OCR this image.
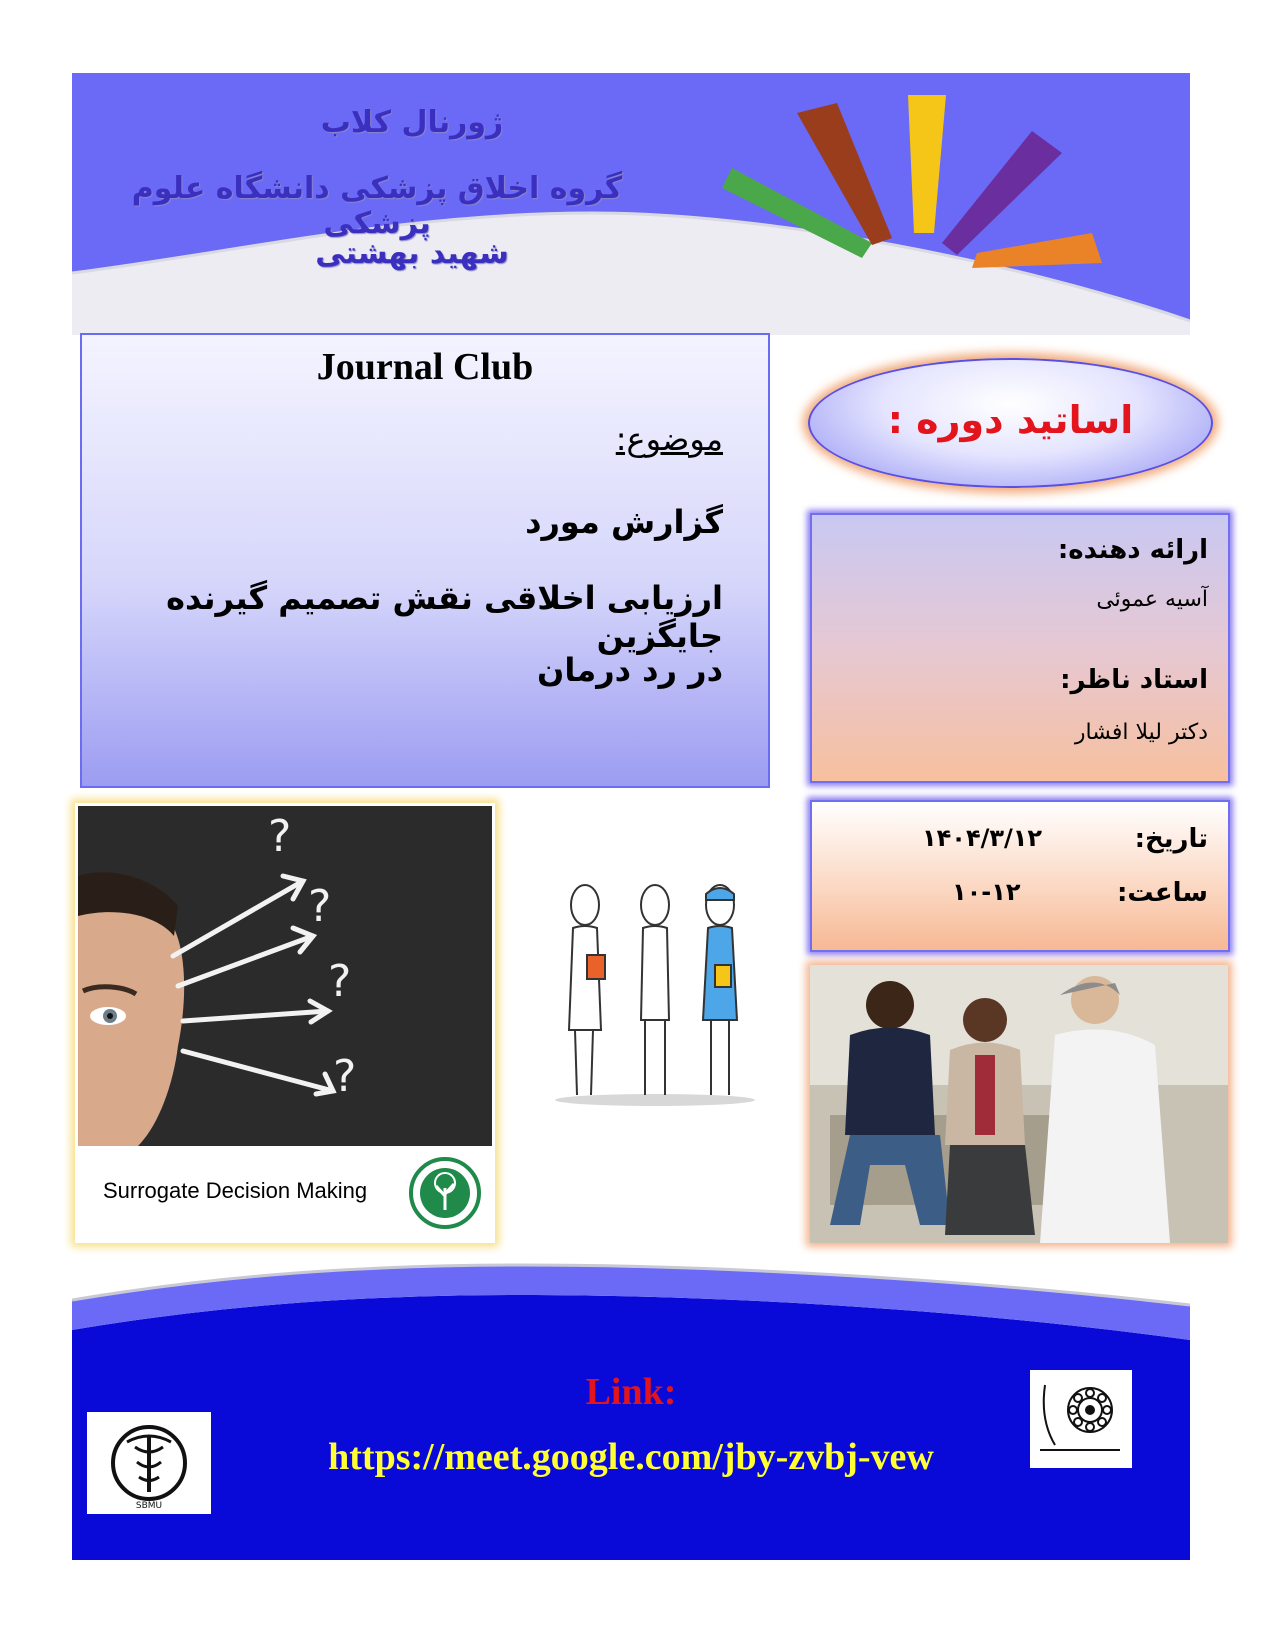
ژورنال کلاب
گروه اخلاق پزشکی دانشگاه علوم پزشکی
شهید بهشتی
Journal Club
موضوع:
گزارش مورد
ارزیابی اخلاقی نقش تصمیم گیرنده جایگزین
در رد درمان
اساتید دوره :
ارائه دهنده:
آسیه عموئی
استاد ناظر:
دکتر لیلا افشار
تاریخ:
۱۴۰۴/۳/۱۲
ساعت:
۱۰-۱۲
?
?
?
?
Surrogate Decision Making
Link:
https://meet.google.com/jby-zvbj-vew
SBMU
